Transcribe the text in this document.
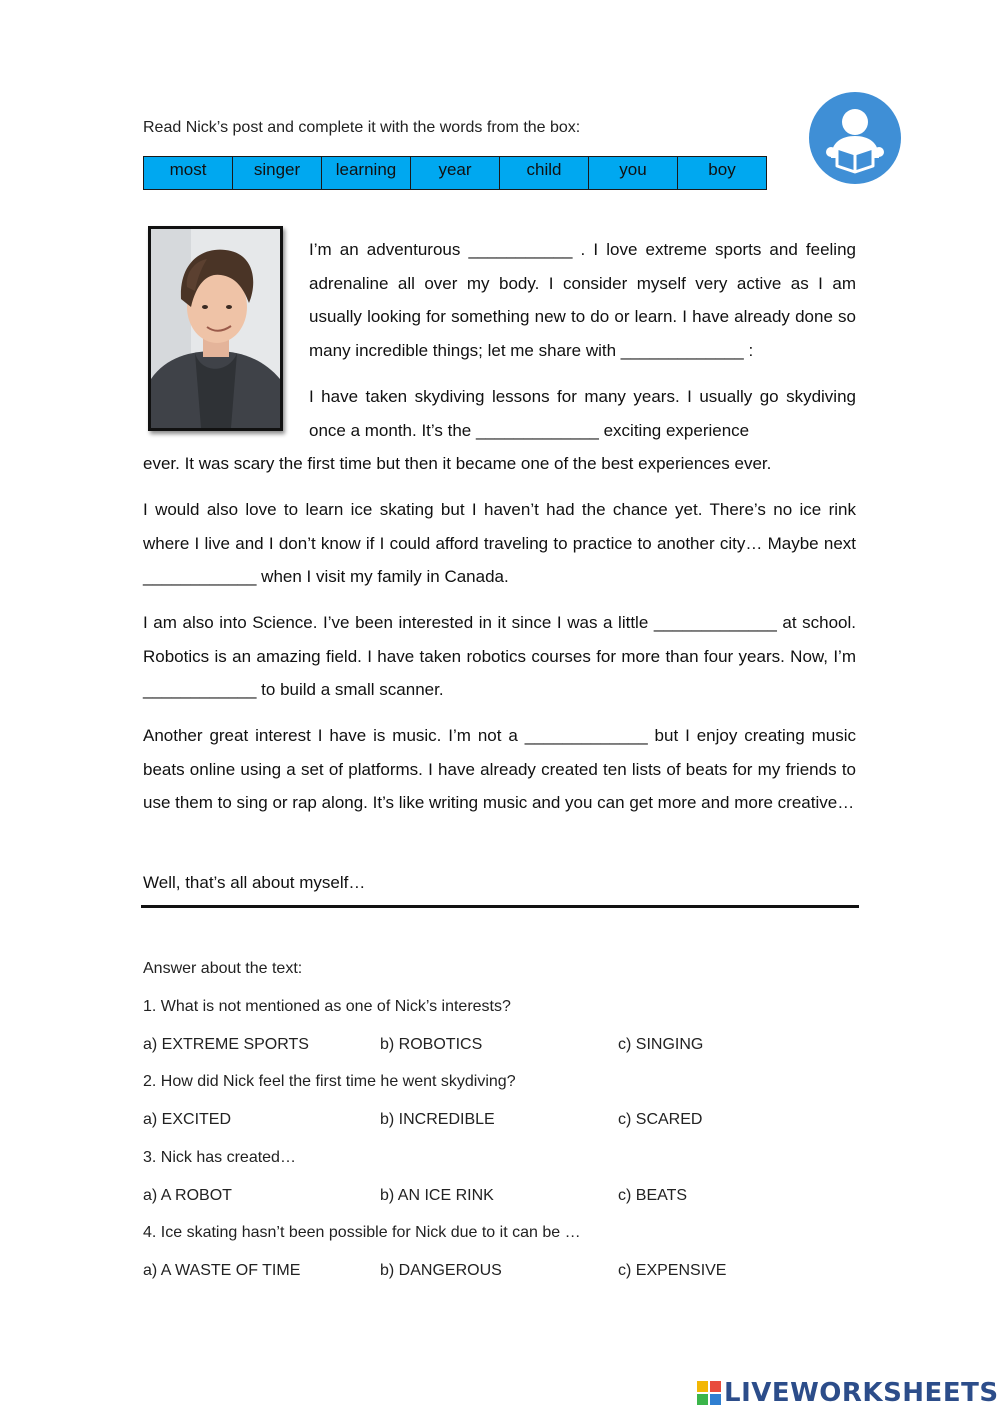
Read Nick’s post and complete it with the words from the box:
most	singer	learning	year	child	you	boy

I’m an adventurous ___________ . I love extreme sports and feeling adrenaline all over my body. I consider myself very active as I am usually looking for something new to do or learn. I have already done so many incredible things; let me share with _____________ :

I have taken skydiving lessons for many years. I usually go skydiving once a month. It’s the _____________ exciting experience

ever. It was scary the first time but then it became one of the best experiences ever.

I would also love to learn ice skating but I haven’t had the chance yet. There’s no ice rink where I live and I don’t know if I could afford traveling to practice to another city… Maybe next ____________ when I visit my family in Canada.

I am also into Science. I’ve been interested in it since I was a little _____________ at school. Robotics is an amazing field. I have taken robotics courses for more than four years. Now, I’m ____________ to build a small scanner.

Another great interest I have is music. I’m not a _____________ but I enjoy creating music beats online using a set of platforms. I have already created ten lists of beats for my friends to use them to sing or rap along. It’s like writing music and you can get more and more creative…

Well, that’s all about myself…

Answer about the text:
1. What is not mentioned as one of Nick’s interests?
a) EXTREME SPORTS	b) ROBOTICS	c) SINGING
2. How did Nick feel the first time he went skydiving?
a) EXCITED	b) INCREDIBLE	c) SCARED
3. Nick has created…
a) A ROBOT	b) AN ICE RINK	c) BEATS
4. Ice skating hasn’t been possible for Nick due to it can be …
a) A WASTE OF TIME	b) DANGEROUS	c) EXPENSIVE
LIVEWORKSHEETS
